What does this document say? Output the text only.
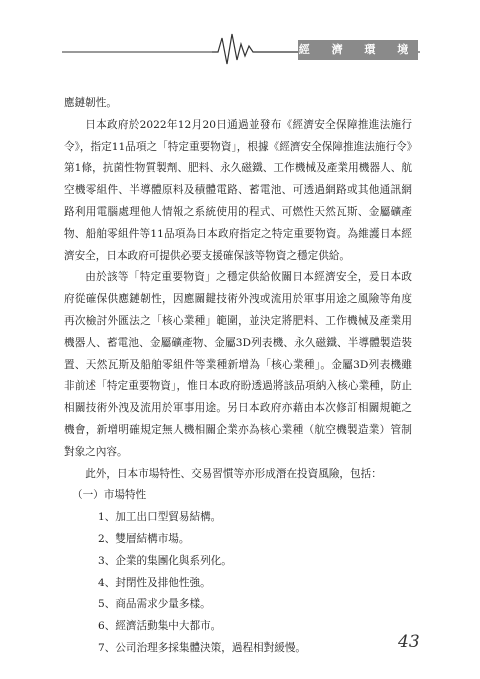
經 濟 環 境

應鏈韌性。

日本政府於2022年12月20日通過並發布《經濟安全保障推進法施行令》，指定11品項之「特定重要物資」，根據《經濟安全保障推進法施行令》第1條，抗菌性物質製劑、肥料、永久磁鐵、工作機械及產業用機器人、航空機零組件、半導體原料及積體電路、蓄電池、可透過網路或其他通訊網路利用電腦處理他人情報之系統使用的程式、可燃性天然瓦斯、金屬礦產物、船舶零組件等11品項為日本政府指定之特定重要物資。為維護日本經濟安全，日本政府可提供必要支援確保該等物資之穩定供給。

由於該等「特定重要物資」之穩定供給攸關日本經濟安全，爰日本政府從確保供應鏈韌性，因應關鍵技術外洩或流用於軍事用途之風險等角度再次檢討外匯法之「核心業種」範圍，並決定將肥料、工作機械及產業用機器人、蓄電池、金屬礦產物、金屬3D列表機、永久磁鐵、半導體製造裝置、天然瓦斯及船舶零組件等業種新增為「核心業種」。金屬3D列表機雖非前述「特定重要物資」，惟日本政府盼透過將該品項納入核心業種，防止相關技術外洩及流用於軍事用途。另日本政府亦藉由本次修訂相關規範之機會，新增明確規定無人機相關企業亦為核心業種（航空機製造業）管制對象之內容。

此外，日本市場特性、交易習慣等亦形成潛在投資風險，包括：

（一）市場特性

1、加工出口型貿易結構。
2、雙層結構市場。
3、企業的集團化與系列化。
4、封閉性及排他性強。
5、商品需求少量多樣。
6、經濟活動集中大都市。
7、公司治理多採集體決策，過程相對緩慢。	43
